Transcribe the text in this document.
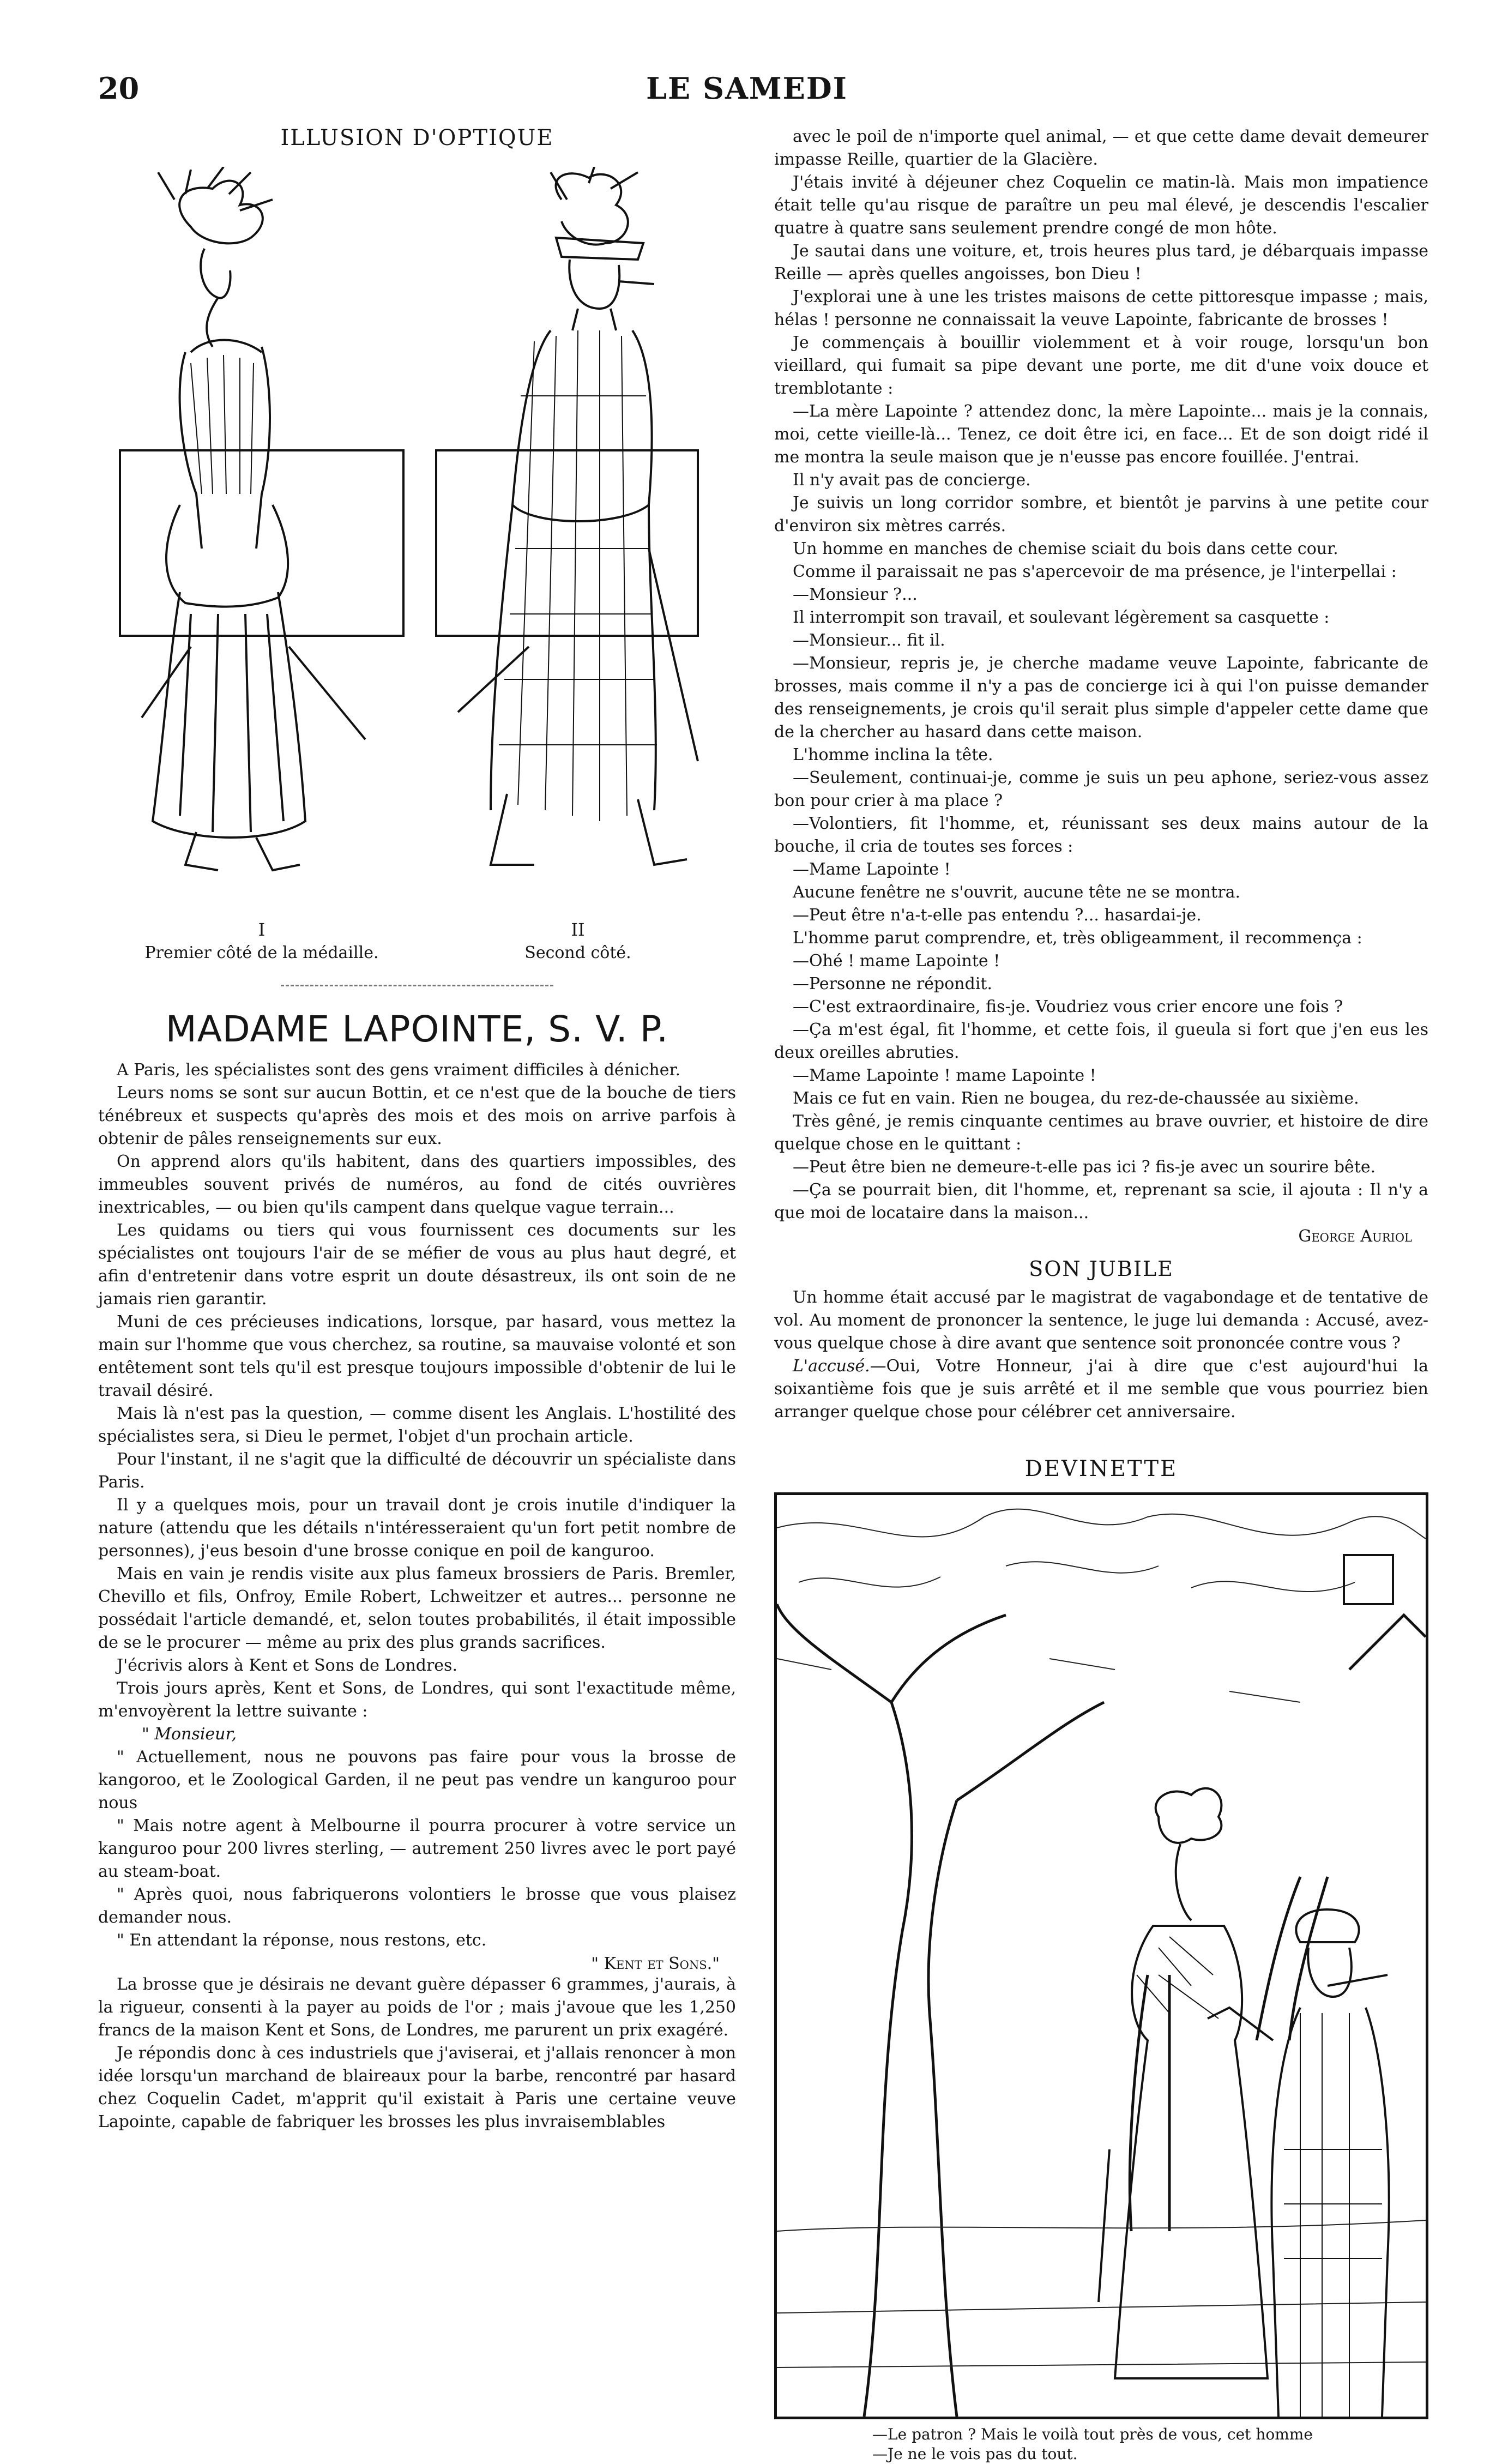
20	LE SAMEDI
ILLUSION D'OPTIQUE
I
Premier côté de la médaille.
II
Second côté.
MADAME LAPOINTE, S. V. P.

A Paris, les spécialistes sont des gens vraiment difficiles à dénicher.

Leurs noms se sont sur aucun Bottin, et ce n'est que de la bouche de tiers ténébreux et suspects qu'après des mois et des mois on arrive parfois à obtenir de pâles renseignements sur eux.

On apprend alors qu'ils habitent, dans des quartiers impossibles, des immeubles souvent privés de numéros, au fond de cités ouvrières inextricables, — ou bien qu'ils campent dans quelque vague terrain...

Les quidams ou tiers qui vous fournissent ces documents sur les spécialistes ont toujours l'air de se méfier de vous au plus haut degré, et afin d'entretenir dans votre esprit un doute désastreux, ils ont soin de ne jamais rien garantir.

Muni de ces précieuses indications, lorsque, par hasard, vous mettez la main sur l'homme que vous cherchez, sa routine, sa mauvaise volonté et son entêtement sont tels qu'il est presque toujours impossible d'obtenir de lui le travail désiré.

Mais là n'est pas la question, — comme disent les Anglais. L'hostilité des spécialistes sera, si Dieu le permet, l'objet d'un prochain article.

Pour l'instant, il ne s'agit que la difficulté de découvrir un spécialiste dans Paris.

Il y a quelques mois, pour un travail dont je crois inutile d'indiquer la nature (attendu que les détails n'intéresseraient qu'un fort petit nombre de personnes), j'eus besoin d'une brosse conique en poil de kanguroo.

Mais en vain je rendis visite aux plus fameux brossiers de Paris. Bremler, Chevillo et fils, Onfroy, Emile Robert, Lchweitzer et autres... personne ne possédait l'article demandé, et, selon toutes probabilités, il était impossible de se le procurer — même au prix des plus grands sacrifices.

J'écrivis alors à Kent et Sons de Londres.

Trois jours après, Kent et Sons, de Londres, qui sont l'exactitude même, m'envoyèrent la lettre suivante :

" Monsieur,

" Actuellement, nous ne pouvons pas faire pour vous la brosse de kangoroo, et le Zoological Garden, il ne peut pas vendre un kanguroo pour nous

" Mais notre agent à Melbourne il pourra procurer à votre service un kanguroo pour 200 livres sterling, — autrement 250 livres avec le port payé au steam-boat.

" Après quoi, nous fabriquerons volontiers le brosse que vous plaisez demander nous.

" En attendant la réponse, nous restons, etc.

" Kent et Sons."

La brosse que je désirais ne devant guère dépasser 6 grammes, j'aurais, à la rigueur, consenti à la payer au poids de l'or ; mais j'avoue que les 1,250 francs de la maison Kent et Sons, de Londres, me parurent un prix exagéré.

Je répondis donc à ces industriels que j'aviserai, et j'allais renoncer à mon idée lorsqu'un marchand de blaireaux pour la barbe, rencontré par hasard chez Coquelin Cadet, m'apprit qu'il existait à Paris une certaine veuve Lapointe, capable de fabriquer les brosses les plus invraisemblables

avec le poil de n'importe quel animal, — et que cette dame devait demeurer impasse Reille, quartier de la Glacière.

J'étais invité à déjeuner chez Coquelin ce matin-là. Mais mon impatience était telle qu'au risque de paraître un peu mal élevé, je descendis l'escalier quatre à quatre sans seulement prendre congé de mon hôte.

Je sautai dans une voiture, et, trois heures plus tard, je débarquais impasse Reille — après quelles angoisses, bon Dieu !

J'explorai une à une les tristes maisons de cette pittoresque impasse ; mais, hélas ! personne ne connaissait la veuve Lapointe, fabricante de brosses !

Je commençais à bouillir violemment et à voir rouge, lorsqu'un bon vieillard, qui fumait sa pipe devant une porte, me dit d'une voix douce et tremblotante :

—La mère Lapointe ? attendez donc, la mère Lapointe... mais je la connais, moi, cette vieille-là... Tenez, ce doit être ici, en face... Et de son doigt ridé il me montra la seule maison que je n'eusse pas encore fouillée. J'entrai.

Il n'y avait pas de concierge.

Je suivis un long corridor sombre, et bientôt je parvins à une petite cour d'environ six mètres carrés.

Un homme en manches de chemise sciait du bois dans cette cour.

Comme il paraissait ne pas s'apercevoir de ma présence, je l'interpellai :

—Monsieur ?...

Il interrompit son travail, et soulevant légèrement sa casquette :

—Monsieur... fit il.

—Monsieur, repris je, je cherche madame veuve Lapointe, fabricante de brosses, mais comme il n'y a pas de concierge ici à qui l'on puisse demander des renseignements, je crois qu'il serait plus simple d'appeler cette dame que de la chercher au hasard dans cette maison.

L'homme inclina la tête.

—Seulement, continuai-je, comme je suis un peu aphone, seriez-vous assez bon pour crier à ma place ?

—Volontiers, fit l'homme, et, réunissant ses deux mains autour de la bouche, il cria de toutes ses forces :

—Mame Lapointe !

Aucune fenêtre ne s'ouvrit, aucune tête ne se montra.

—Peut être n'a-t-elle pas entendu ?... hasardai-je.

L'homme parut comprendre, et, très obligeamment, il recommença :

—Ohé ! mame Lapointe !

—Personne ne répondit.

—C'est extraordinaire, fis-je. Voudriez vous crier encore une fois ?

—Ça m'est égal, fit l'homme, et cette fois, il gueula si fort que j'en eus les deux oreilles abruties.

—Mame Lapointe ! mame Lapointe !

Mais ce fut en vain. Rien ne bougea, du rez-de-chaussée au sixième.

Très gêné, je remis cinquante centimes au brave ouvrier, et histoire de dire quelque chose en le quittant :

—Peut être bien ne demeure-t-elle pas ici ? fis-je avec un sourire bête.

—Ça se pourrait bien, dit l'homme, et, reprenant sa scie, il ajouta : Il n'y a que moi de locataire dans la maison...

George Auriol
SON JUBILE

Un homme était accusé par le magistrat de vagabondage et de tentative de vol. Au moment de prononcer la sentence, le juge lui demanda : Accusé, avez-vous quelque chose à dire avant que sentence soit prononcée contre vous ?

L'accusé.—Oui, Votre Honneur, j'ai à dire que c'est aujourd'hui la soixantième fois que je suis arrêté et il me semble que vous pourriez bien arranger quelque chose pour célébrer cet anniversaire.

DEVINETTE
—Le patron ? Mais le voilà tout près de vous, cet homme
—Je ne le vois pas du tout.
